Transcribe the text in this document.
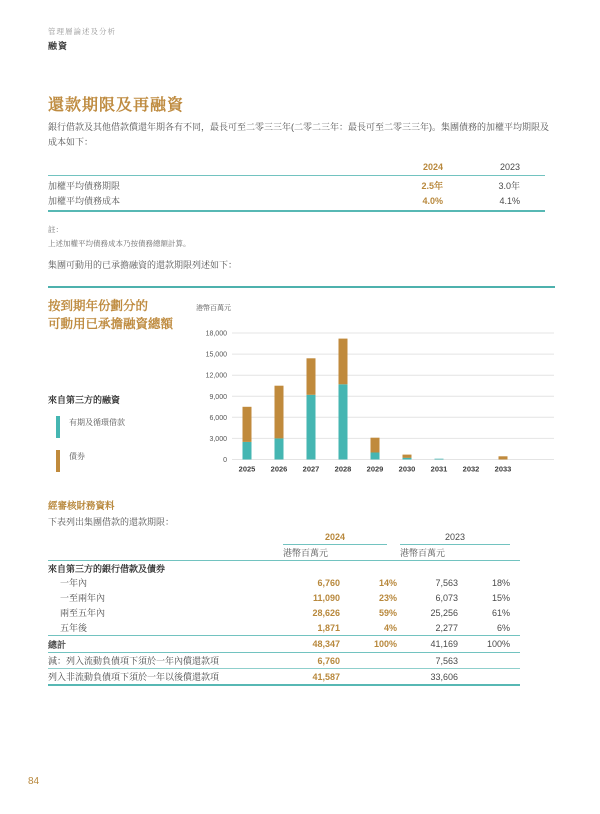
管理層論述及分析
融資
還款期限及再融資
銀行借款及其他借款償還年期各有不同，最長可至二零三三年(二零二三年：最長可至二零三三年)。集團債務的加權平均期限及成本如下：
2024	2023
加權平均債務期限	2.5年	3.0年
加權平均債務成本	4.0%	4.1%
註：
上述加權平均債務成本乃按債務總額計算。
集團可動用的已承擔融資的還款期限列述如下：
按到期年份劃分的
可動用已承擔融資總額
來自第三方的融資
有期及循環借款
債券
港幣百萬元
0
3,000
6,000
9,000
12,000
15,000
18,000
2025 2026 2027 2028 2029 2030 2031 2032 2033
經審核財務資料
下表列出集團借款的還款期限：
2024	2023
港幣百萬元	港幣百萬元
來自第三方的銀行借款及債券
一年內	6,760	14%	7,563	18%
一至兩年內	11,090	23%	6,073	15%
兩至五年內	28,626	59%	25,256	61%
五年後	1,871	4%	2,277	6%
總計	48,347	100%	41,169	100%
減：列入流動負債項下須於一年內償還款項	6,760	7,563
列入非流動負債項下須於一年以後償還款項	41,587	33,606
84
